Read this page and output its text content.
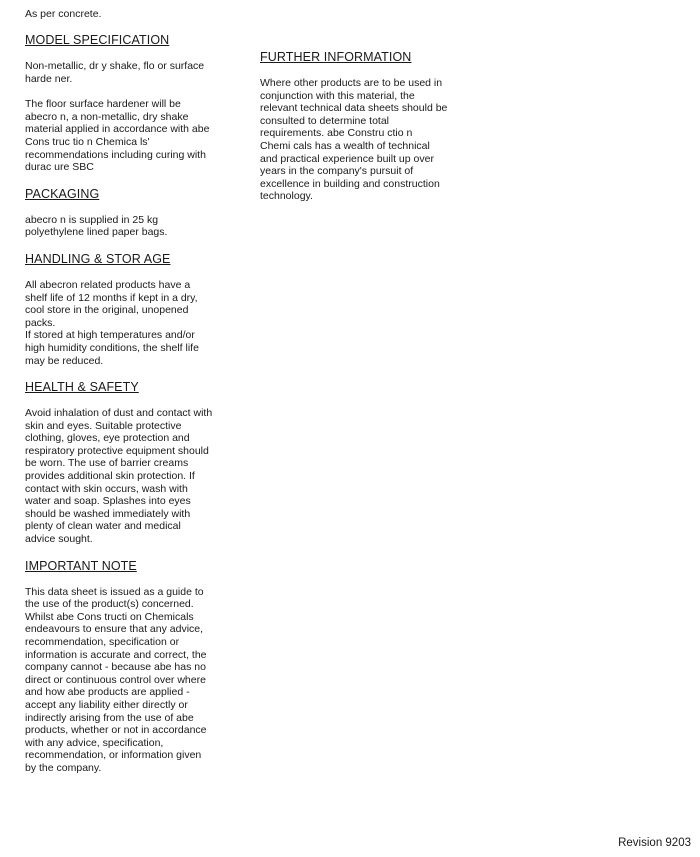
As per concrete.

MODEL SPECIFICATION

Non-metallic, dr y shake, flo or surface
harde ner.

The floor surface hardener will be
abecro n, a non-metallic, dry shake
material applied in accordance with abe
Cons truc tio n Chemica ls'
recommendations including curing with
durac ure SBC

PACKAGING

abecro n is supplied in 25 kg
polyethylene lined paper bags.

HANDLING & STOR AGE

All abecron related products have a
shelf life of 12 months if kept in a dry,
cool store in the original, unopened
packs.
If stored at high temperatures and/or
high humidity conditions, the shelf life
may be reduced.

HEALTH & SAFETY

Avoid inhalation of dust and contact with
skin and eyes. Suitable protective
clothing, gloves, eye protection and
respiratory protective equipment should
be worn. The use of barrier creams
provides additional skin protection. If
contact with skin occurs, wash with
water and soap. Splashes into eyes
should be washed immediately with
plenty of clean water and medical
advice sought.

IMPORTANT NOTE

This data sheet is issued as a guide to
the use of the product(s) concerned.
Whilst abe Cons tructi on Chemicals
endeavours to ensure that any advice,
recommendation, specification or
information is accurate and correct, the
company cannot - because abe has no
direct or continuous control over where
and how abe products are applied -
accept any liability either directly or
indirectly arising from the use of abe
products, whether or not in accordance
with any advice, specification,
recommendation, or information given
by the company.

FURTHER INFORMATION

Where other products are to be used in
conjunction with this material, the
relevant technical data sheets should be
consulted to determine total
requirements. abe Constru ctio n
Chemi cals has a wealth of technical
and practical experience built up over
years in the company's pursuit of
excellence in building and construction
technology.

Revision 9203
